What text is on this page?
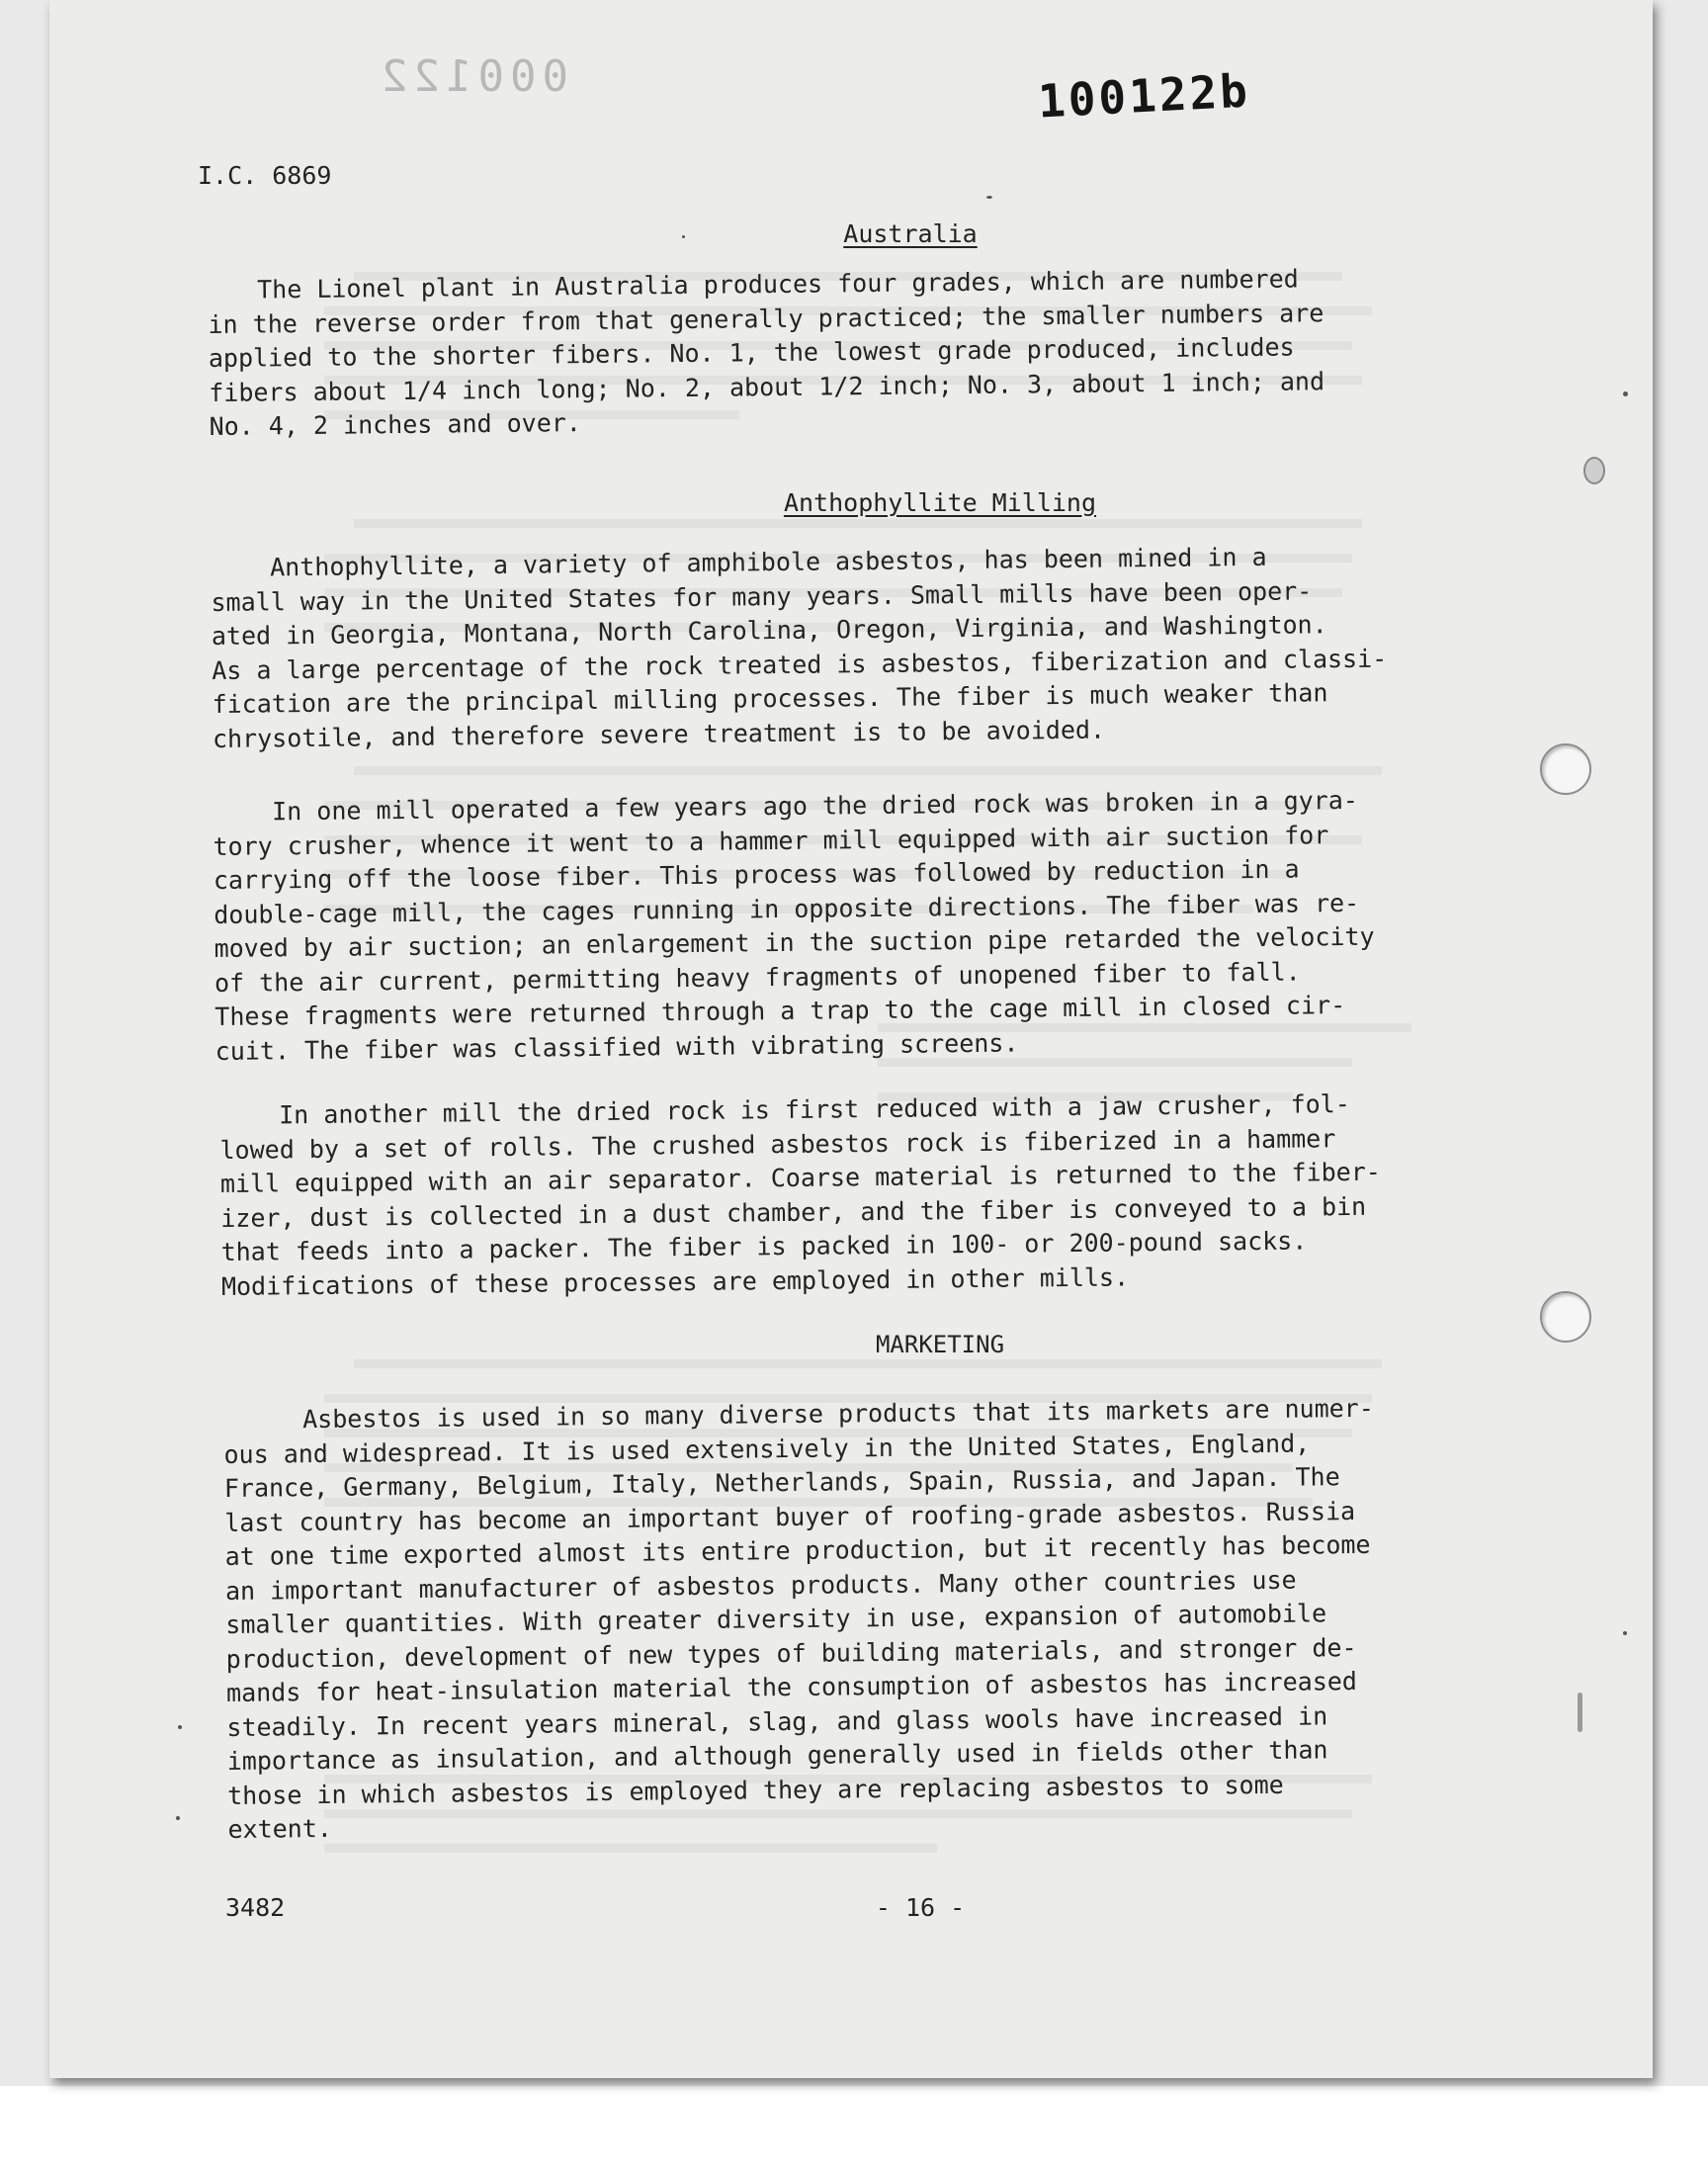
000122	100122b
I.C. 6869
Australia
The Lionel plant in Australia produces four grades, which are numbered
in the reverse order from that generally practiced; the smaller numbers are
applied to the shorter fibers. No. 1, the lowest grade produced, includes
fibers about 1/4 inch long; No. 2, about 1/2 inch; No. 3, about 1 inch; and
No. 4, 2 inches and over.
Anthophyllite Milling
Anthophyllite, a variety of amphibole asbestos, has been mined in a
small way in the United States for many years. Small mills have been oper-
ated in Georgia, Montana, North Carolina, Oregon, Virginia, and Washington.
As a large percentage of the rock treated is asbestos, fiberization and classi-
fication are the principal milling processes. The fiber is much weaker than
chrysotile, and therefore severe treatment is to be avoided.
In one mill operated a few years ago the dried rock was broken in a gyra-
tory crusher, whence it went to a hammer mill equipped with air suction for
carrying off the loose fiber. This process was followed by reduction in a
double-cage mill, the cages running in opposite directions. The fiber was re-
moved by air suction; an enlargement in the suction pipe retarded the velocity
of the air current, permitting heavy fragments of unopened fiber to fall.
These fragments were returned through a trap to the cage mill in closed cir-
cuit. The fiber was classified with vibrating screens.
In another mill the dried rock is first reduced with a jaw crusher, fol-
lowed by a set of rolls. The crushed asbestos rock is fiberized in a hammer
mill equipped with an air separator. Coarse material is returned to the fiber-
izer, dust is collected in a dust chamber, and the fiber is conveyed to a bin
that feeds into a packer. The fiber is packed in 100- or 200-pound sacks.
Modifications of these processes are employed in other mills.
MARKETING
Asbestos is used in so many diverse products that its markets are numer-
ous and widespread. It is used extensively in the United States, England,
France, Germany, Belgium, Italy, Netherlands, Spain, Russia, and Japan. The
last country has become an important buyer of roofing-grade asbestos. Russia
at one time exported almost its entire production, but it recently has become
an important manufacturer of asbestos products. Many other countries use
smaller quantities. With greater diversity in use, expansion of automobile
production, development of new types of building materials, and stronger de-
mands for heat-insulation material the consumption of asbestos has increased
steadily. In recent years mineral, slag, and glass wools have increased in
importance as insulation, and although generally used in fields other than
those in which asbestos is employed they are replacing asbestos to some
extent.
3482	- 16 -
